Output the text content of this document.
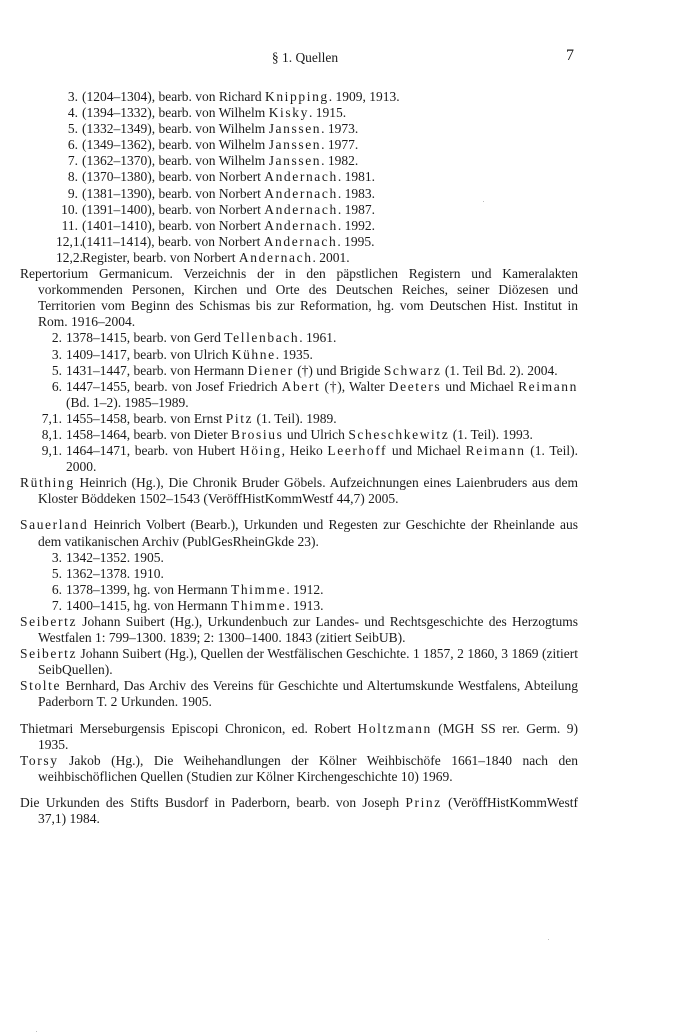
§ 1. Quellen	7
3. (1204–1304), bearb. von Richard Knipping. 1909, 1913.
4. (1394–1332), bearb. von Wilhelm Kisky. 1915.
5. (1332–1349), bearb. von Wilhelm Janssen. 1973.
6. (1349–1362), bearb. von Wilhelm Janssen. 1977.
7. (1362–1370), bearb. von Wilhelm Janssen. 1982.
8. (1370–1380), bearb. von Norbert Andernach. 1981.
9. (1381–1390), bearb. von Norbert Andernach. 1983.
10. (1391–1400), bearb. von Norbert Andernach. 1987.
11. (1401–1410), bearb. von Norbert Andernach. 1992.
12,1.(1411–1414), bearb. von Norbert Andernach. 1995.
12,2.Register, bearb. von Norbert Andernach. 2001.
Repertorium Germanicum. Verzeichnis der in den päpstlichen Registern und Kameralakten vorkommenden Personen, Kirchen und Orte des Deutschen Reiches, seiner Diözesen und Territorien vom Beginn des Schismas bis zur Reformation, hg. vom Deutschen Hist. Institut in Rom. 1916–2004.
2. 1378–1415, bearb. von Gerd Tellenbach. 1961.
3. 1409–1417, bearb. von Ulrich Kühne. 1935.
5. 1431–1447, bearb. von Hermann Diener (†) und Brigide Schwarz (1. Teil Bd. 2). 2004.
6. 1447–1455, bearb. von Josef Friedrich Abert (†), Walter Deeters und Michael Reimann (Bd. 1–2). 1985–1989.
7,1. 1455–1458, bearb. von Ernst Pitz (1. Teil). 1989.
8,1. 1458–1464, bearb. von Dieter Brosius und Ulrich Scheschkewitz (1. Teil). 1993.
9,1. 1464–1471, bearb. von Hubert Höing, Heiko Leerhoff und Michael Reimann (1. Teil). 2000.
Rüthing Heinrich (Hg.), Die Chronik Bruder Göbels. Aufzeichnungen eines Laienbruders aus dem Kloster Böddeken 1502–1543 (VeröffHistKommWestf 44,7) 2005.
Sauerland Heinrich Volbert (Bearb.), Urkunden und Regesten zur Geschichte der Rheinlande aus dem vatikanischen Archiv (PublGesRheinGkde 23).
3. 1342–1352. 1905.
5. 1362–1378. 1910.
6. 1378–1399, hg. von Hermann Thimme. 1912.
7. 1400–1415, hg. von Hermann Thimme. 1913.
Seibertz Johann Suibert (Hg.), Urkundenbuch zur Landes- und Rechtsgeschichte des Herzogtums Westfalen 1: 799–1300. 1839; 2: 1300–1400. 1843 (zitiert SeibUB).
Seibertz Johann Suibert (Hg.), Quellen der Westfälischen Geschichte. 1 1857, 2 1860, 3 1869 (zitiert SeibQuellen).
Stolte Bernhard, Das Archiv des Vereins für Geschichte und Altertumskunde Westfalens, Abteilung Paderborn T. 2 Urkunden. 1905.
Thietmari Merseburgensis Episcopi Chronicon, ed. Robert Holtzmann (MGH SS rer. Germ. 9) 1935.
Torsy Jakob (Hg.), Die Weihehandlungen der Kölner Weihbischöfe 1661–1840 nach den weihbischöflichen Quellen (Studien zur Kölner Kirchengeschichte 10) 1969.
Die Urkunden des Stifts Busdorf in Paderborn, bearb. von Joseph Prinz (VeröffHistKommWestf 37,1) 1984.
